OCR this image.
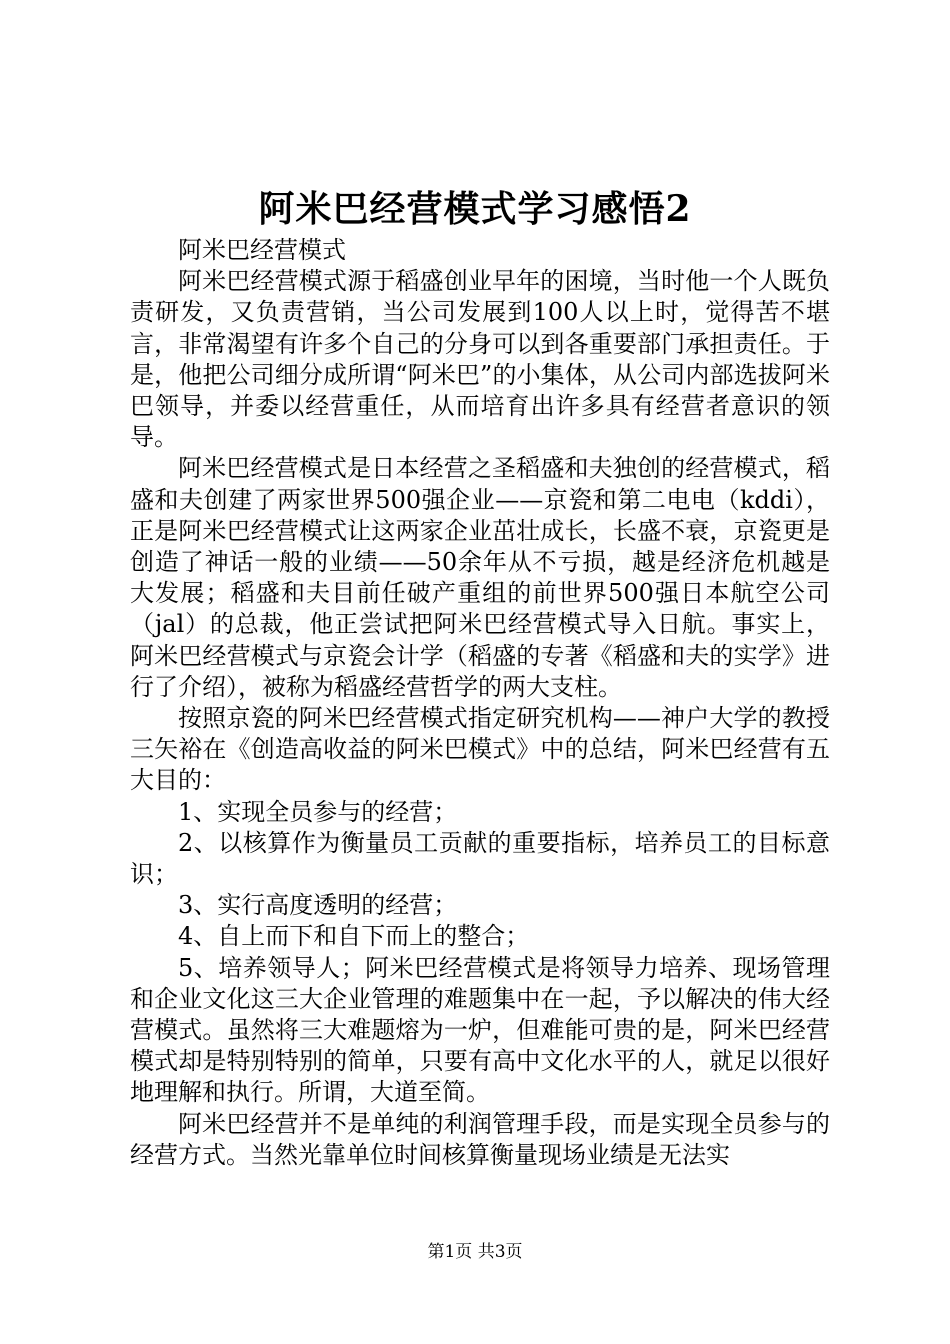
阿米巴经营模式学习感悟2

阿米巴经营模式

阿米巴经营模式源于稻盛创业早年的困境，当时他一个人既负责研发，又负责营销，当公司发展到100人以上时，觉得苦不堪言，非常渴望有许多个自己的分身可以到各重要部门承担责任。于是，他把公司细分成所谓“阿米巴”的小集体，从公司内部选拔阿米巴领导，并委以经营重任，从而培育出许多具有经营者意识的领导。

阿米巴经营模式是日本经营之圣稻盛和夫独创的经营模式，稻盛和夫创建了两家世界500强企业——京瓷和第二电电（kddi），正是阿米巴经营模式让这两家企业茁壮成长，长盛不衰，京瓷更是创造了神话一般的业绩——50余年从不亏损，越是经济危机越是大发展；稻盛和夫目前任破产重组的前世界500强日本航空公司（jal）的总裁，他正尝试把阿米巴经营模式导入日航。事实上，阿米巴经营模式与京瓷会计学（稻盛的专著《稻盛和夫的实学》进行了介绍），被称为稻盛经营哲学的两大支柱。

按照京瓷的阿米巴经营模式指定研究机构——神户大学的教授三矢裕在《创造高收益的阿米巴模式》中的总结，阿米巴经营有五大目的：

1、实现全员参与的经营；

2、以核算作为衡量员工贡献的重要指标，培养员工的目标意识；

3、实行高度透明的经营；

4、自上而下和自下而上的整合；

5、培养领导人；阿米巴经营模式是将领导力培养、现场管理和企业文化这三大企业管理的难题集中在一起，予以解决的伟大经营模式。虽然将三大难题熔为一炉，但难能可贵的是，阿米巴经营模式却是特别特别的简单，只要有高中文化水平的人，就足以很好地理解和执行。所谓，大道至简。

阿米巴经营并不是单纯的利润管理手段，而是实现全员参与的经营方式。当然光靠单位时间核算衡量现场业绩是无法实

第1页 共3页
